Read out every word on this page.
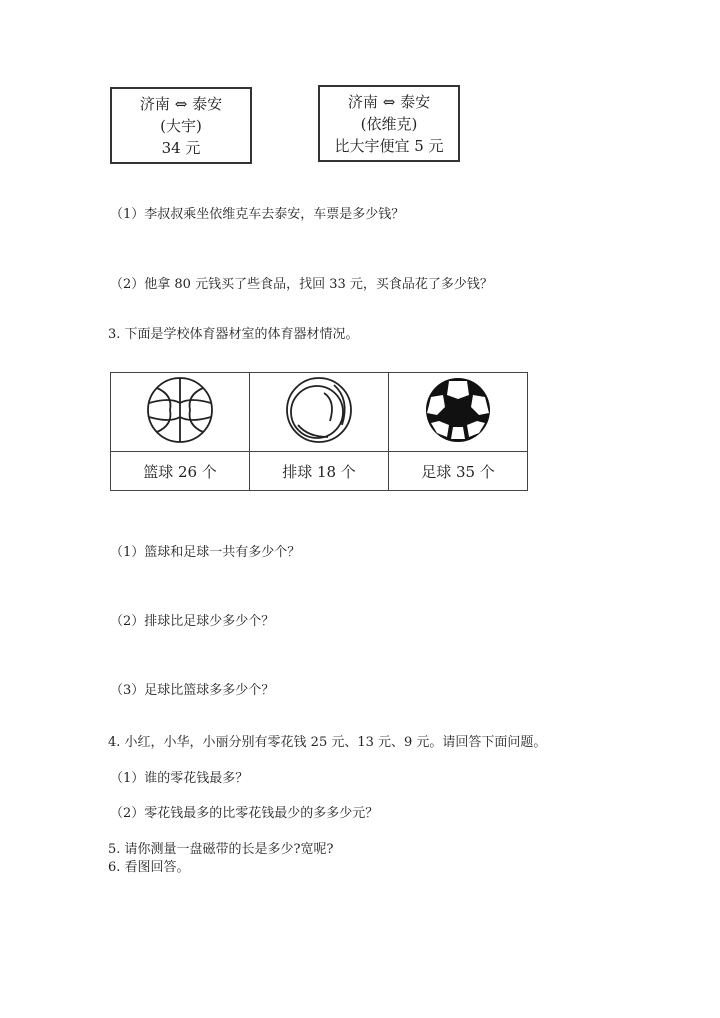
济南 ⇔ 泰安
(大宇)
34 元
济南 ⇔ 泰安
(依维克)
比大宇便宜 5 元
（1）李叔叔乘坐依维克车去泰安，车票是多少钱？
（2）他拿 80 元钱买了些食品，找回 33 元，买食品花了多少钱？
3. 下面是学校体育器材室的体育器材情况。

篮球 26 个	排球 18 个	足球 35 个
（1）篮球和足球一共有多少个？
（2）排球比足球少多少个？
（3）足球比篮球多多少个？
4. 小红，小华，小丽分别有零花钱 25 元、13 元、9 元。请回答下面问题。
（1）谁的零花钱最多？
（2）零花钱最多的比零花钱最少的多多少元？
5. 请你测量一盘磁带的长是多少?宽呢?
6. 看图回答。
